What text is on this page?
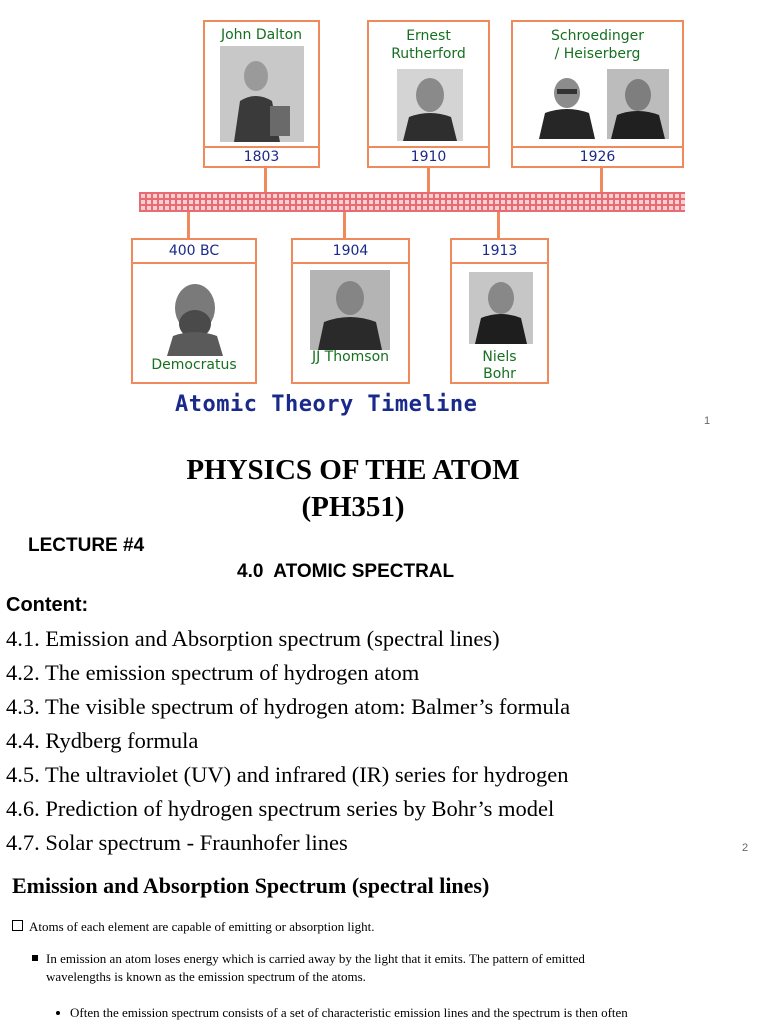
John Dalton
1803
Ernest
Rutherford
1910
Schroedinger
/ Heiserberg
1926
400 BC
Democratus
1904
JJ Thomson
1913
Niels
Bohr
Atomic Theory Timeline
1
PHYSICS OF THE ATOM
(PH351)
LECTURE #4
4.0  ATOMIC SPECTRAL
Content:
4.1. Emission and Absorption spectrum (spectral lines)
4.2. The emission spectrum of hydrogen atom
4.3. The visible spectrum of hydrogen atom: Balmer’s formula
4.4. Rydberg formula
4.5. The ultraviolet (UV) and infrared (IR) series for hydrogen
4.6. Prediction of hydrogen spectrum series by Bohr’s model
4.7. Solar spectrum - Fraunhofer lines	2
Emission and Absorption Spectrum (spectral lines)
Atoms of each element are capable of emitting or absorption light.
In emission an atom loses energy which is carried away by the light that it emits. The pattern of emitted
wavelengths is known as the emission spectrum of the atoms.
Often the emission spectrum consists of a set of characteristic emission lines and the spectrum is then often
